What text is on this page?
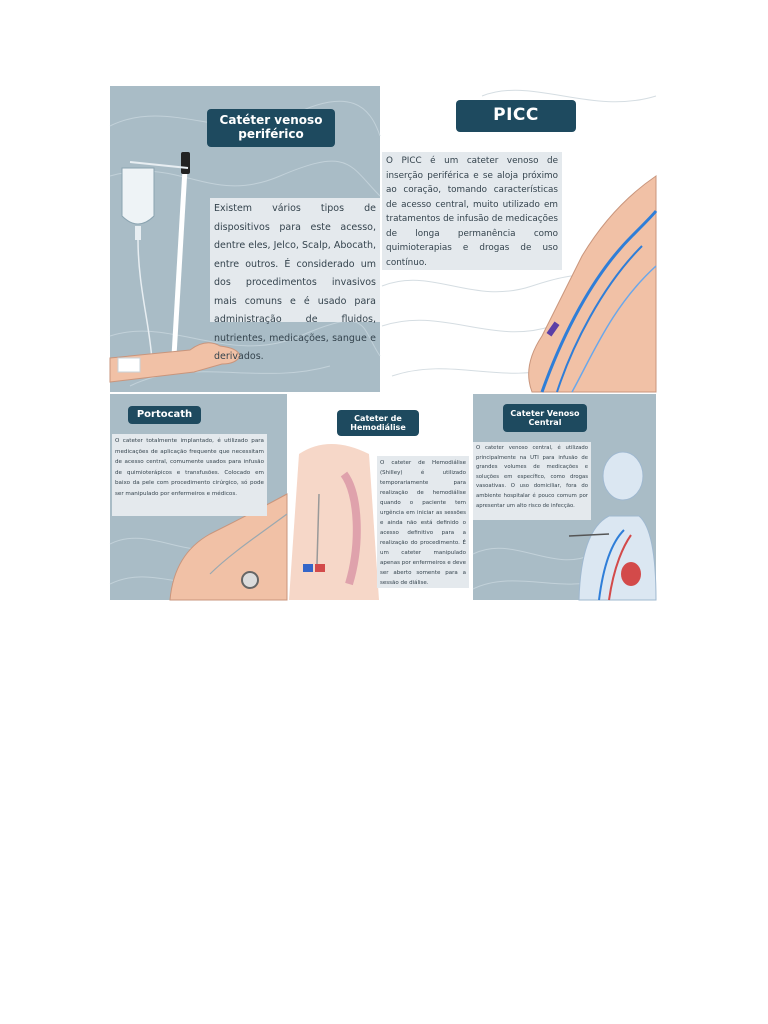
Catéter venoso periférico
Existem vários tipos de dispositivos para este acesso, dentre eles, Jelco, Scalp, Abocath, entre outros. É considerado um dos procedimentos invasivos mais comuns e é usado para administração de fluidos, nutrientes, medicações, sangue e derivados.
PICC
O PICC é um cateter venoso de inserção periférica e se aloja próximo ao coração, tomando características de acesso central, muito utilizado em tratamentos de infusão de medicações de longa permanência como quimioterapias e drogas de uso contínuo.
Portocath
O cateter totalmente implantado, é utilizado para medicações de aplicação frequente que necessitam de acesso central, comumente usados para infusão de quimioterápicos e transfusões. Colocado em baixo da pele com procedimento cirúrgico, só pode ser manipulado por enfermeiros e médicos.
Cateter de Hemodiálise
O cateter de Hemodiálise (Shilley) é utilizado temporariamente para realização de hemodiálise quando o paciente tem urgência em iniciar as sessões e ainda não está definido o acesso definitivo para a realização do procedimento. É um cateter manipulado apenas por enfermeiros e deve ser aberto somente para a sessão de diálise.
Cateter Venoso Central
O cateter venoso central, é utilizado principalmente na UTI para infusão de grandes volumes de medicações e soluções em específico, como drogas vasoativas. O uso domiciliar, fora do ambiente hospitalar é pouco comum por apresentar um alto risco de infecção.
